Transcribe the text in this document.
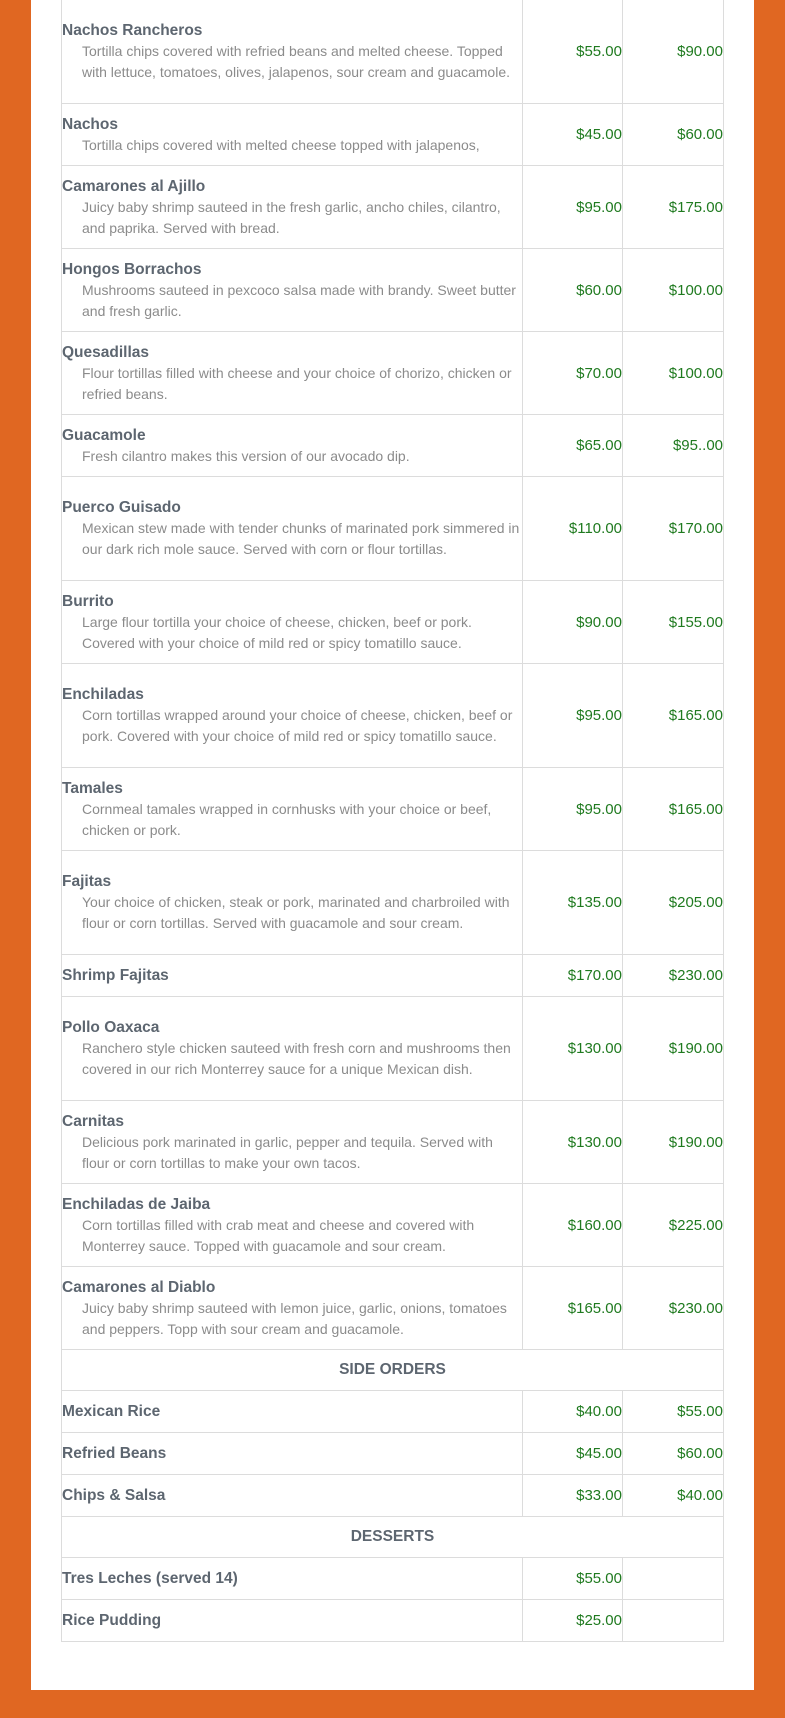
Nachos Rancheros
Tortilla chips covered with refried beans and melted cheese. Topped with lettuce, tomatoes, olives, jalapenos, sour cream and guacamole.	$55.00	$90.00

Nachos
Tortilla chips covered with melted cheese topped with jalapenos,	$45.00	$60.00

Camarones al Ajillo
Juicy baby shrimp sauteed in the fresh garlic, ancho chiles, cilantro, and paprika. Served with bread.	$95.00	$175.00

Hongos Borrachos
Mushrooms sauteed in pexcoco salsa made with brandy. Sweet butter and fresh garlic.	$60.00	$100.00

Quesadillas
Flour tortillas filled with cheese and your choice of chorizo, chicken or refried beans.	$70.00	$100.00

Guacamole
Fresh cilantro makes this version of our avocado dip.	$65.00	$95..00

Puerco Guisado
Mexican stew made with tender chunks of marinated pork simmered in our dark rich mole sauce. Served with corn or flour tortillas.	$110.00	$170.00

Burrito
Large flour tortilla your choice of cheese, chicken, beef or pork. Covered with your choice of mild red or spicy tomatillo sauce.	$90.00	$155.00

Enchiladas
Corn tortillas wrapped around your choice of cheese, chicken, beef or pork. Covered with your choice of mild red or spicy tomatillo sauce.	$95.00	$165.00

Tamales
Cornmeal tamales wrapped in cornhusks with your choice or beef, chicken or pork.	$95.00	$165.00

Fajitas
Your choice of chicken, steak or pork, marinated and charbroiled with flour or corn tortillas. Served with guacamole and sour cream.	$135.00	$205.00

Shrimp Fajitas	$170.00	$230.00

Pollo Oaxaca
Ranchero style chicken sauteed with fresh corn and mushrooms then covered in our rich Monterrey sauce for a unique Mexican dish.	$130.00	$190.00

Carnitas
Delicious pork marinated in garlic, pepper and tequila. Served with flour or corn tortillas to make your own tacos.	$130.00	$190.00

Enchiladas de Jaiba
Corn tortillas filled with crab meat and cheese and covered with Monterrey sauce. Topped with guacamole and sour cream.	$160.00	$225.00

Camarones al Diablo
Juicy baby shrimp sauteed with lemon juice, garlic, onions, tomatoes and peppers. Topp with sour cream and guacamole.	$165.00	$230.00
SIDE ORDERS		

Mexican Rice	$40.00	$55.00

Refried Beans	$45.00	$60.00

Chips & Salsa	$33.00	$40.00
DESSERTS		

Tres Leches (served 14)	$55.00	

Rice Pudding	$25.00	
